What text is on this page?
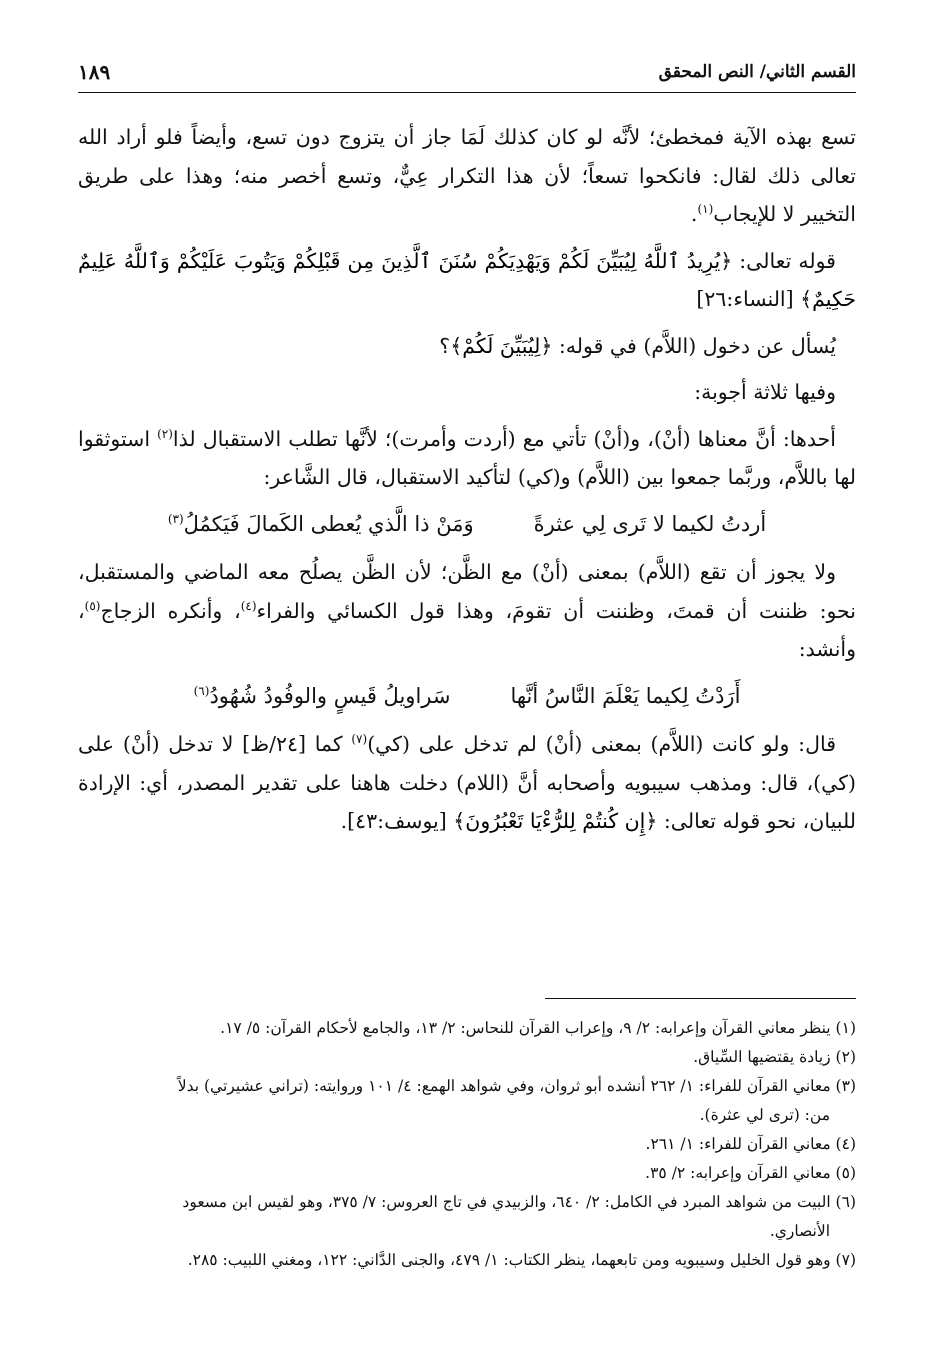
القسم الثاني/ النص المحقق
١٨٩

تسع بهذه الآية فمخطئ؛ لأنَّه لو كان كذلك لَمَا جاز أن يتزوج دون تسع، وأيضاً فلو أراد الله تعالى ذلك لقال: فانكحوا تسعاً؛ لأن هذا التكرار عِيٌّ، وتسع أخصر منه؛ وهذا على طريق التخيير لا للإيجاب$^{(١)}$.

قوله تعالى: ﴿يُرِيدُ ٱللَّهُ لِيُبَيِّنَ لَكُمْ وَيَهْدِيَكُمْ سُنَنَ ٱلَّذِينَ مِن قَبْلِكُمْ وَيَتُوبَ عَلَيْكُمْ وَٱللَّهُ عَلِيمٌ حَكِيمٌ﴾ [النساء:٢٦]

يُسأل عن دخول (اللاَّم) في قوله: ﴿لِيُبَيِّنَ لَكُمْ﴾؟

وفيها ثلاثة أجوبة:

أحدها: أنَّ معناها (أنْ)، و(أنْ) تأتي مع (أردت وأمرت)؛ لأنَّها تطلب الاستقبال لذا$^{(٢)}$ استوثقوا لها باللاَّم، وربَّما جمعوا بين (اللاَّم) و(كي) لتأكيد الاستقبال، قال الشَّاعر:

أردتُ لكيما لا تَرى لِي عثرةً
وَمَنْ ذا الَّذي يُعطى الكَمالَ فَيَكمُلُ$^{(٣)}$

ولا يجوز أن تقع (اللاَّم) بمعنى (أنْ) مع الظَّن؛ لأن الظَّن يصلُح معه الماضي والمستقبل، نحو: ظننت أن قمتَ، وظننت أن تقومَ، وهذا قول الكسائي والفراء$^{(٤)}$، وأنكره الزجاج$^{(٥)}$، وأنشد:

أَرَدْتُ لِكيما يَعْلَمَ النَّاسُ أنَّها
سَراويلُ قَيسٍ والوفُودُ شُهُودُ$^{(٦)}$

قال: ولو كانت (اللاَّم) بمعنى (أنْ) لم تدخل على (كي)$^{(٧)}$ كما [٢٤/ظ] لا تدخل (أنْ) على (كي)، قال: ومذهب سيبويه وأصحابه أنَّ (اللام) دخلت هاهنا على تقدير المصدر، أي: الإرادة للبيان، نحو قوله تعالى: ﴿إِن كُنتُمْ لِلرُّءْيَا تَعْبُرُونَ﴾ [يوسف:٤٣].

(١) ينظر معاني القرآن وإعرابه: ٢/ ٩، وإعراب القرآن للنحاس: ٢/ ١٣، والجامع لأحكام القرآن: ٥/ ١٧.

(٢) زيادة يقتضيها السِّياق.

(٣) معاني القرآن للفراء: ١/ ٢٦٢ أنشده أبو ثروان، وفي شواهد الهمع: ٤/ ١٠١ وروايته: (تراني عشيرتي) بدلاً

من: (ترى لي عثرة).

(٤) معاني القرآن للفراء: ١/ ٢٦١.

(٥) معاني القرآن وإعرابه: ٢/ ٣٥.

(٦) البيت من شواهد المبرد في الكامل: ٢/ ٦٤٠، والزبيدي في تاج العروس: ٧/ ٣٧٥، وهو لقيس ابن مسعود

الأنصاري.

(٧) وهو قول الخليل وسيبويه ومن تابعهما، ينظر الكتاب: ١/ ٤٧٩، والجنى الدَّاني: ١٢٢، ومغني اللبيب: ٢٨٥.
